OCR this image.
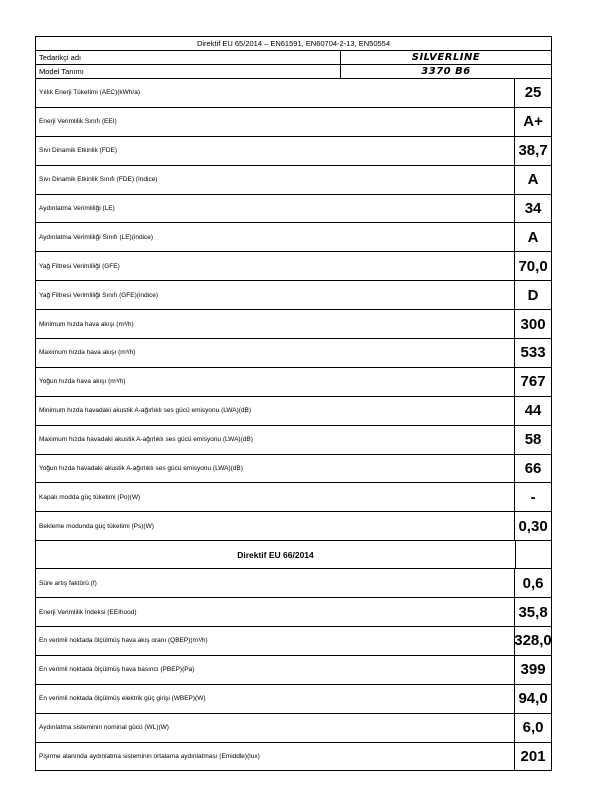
Direktif EU 65/2014 – EN61591, EN60704-2-13, EN50554
Tedarikçi adı	SILVERLINE
Model Tanımı	3370 B6
Yıllık Enerji Tüketimi (AEC)(kWh/a)	25
Enerji Verimlilik Sınıfı (EEI)	A+
Sıvı Dinamik Etkinlik (FDE)	38,7
Sıvı Dinamik Etkinlik Sınıfı (FDE) (Indice)	A
Aydınlatma Verimliliği (LE)	34
Aydınlatma Verimliliği Sınıfı (LE)(indice)	A
Yağ Filtresi Verimliliği (GFE)	70,0
Yağ Filtresi Verimliliği Sınıfı (GFE)(indice)	D
Minimum hızda hava akışı (m³/h)	300
Maximum hızda hava akışı (m³/h)	533
Yoğun hızda hava akışı (m³/h)	767
Minimum hızda havadaki akustik A-ağırlıklı ses gücü emisyonu (LWA)(dB)	44
Maximum hızda havadaki akustik A-ağırlıklı ses gücü emisyonu (LWA)(dB)	58
Yoğun hızda havadaki akustik A-ağırlıklı ses gücü emisyonu (LWA)(dB)	66
Kapalı modda güç tüketimi (Po)(W)	-
Bekleme modunda güç tüketimi (Ps)(W)	0,30
Direktif EU 66/2014
Süre artış faktörü (f)	0,6
Enerji Verimlilik İndeksi (EEIhood)	35,8
En verimli noktada ölçülmüş hava akış oranı (QBEP)(m³/h)	328,0
En verimli noktada ölçülmüş hava basıncı (PBEP)(Pa)	399
En verimli noktada ölçülmüş elektrik güç girişi (WBEP)(W)	94,0
Aydınlatma sisteminin nominal gücü (WL)(W)	6,0
Pişirme alanında aydınlatma sisteminin ortalama aydınlatması (Emiddle)(lux)	201
